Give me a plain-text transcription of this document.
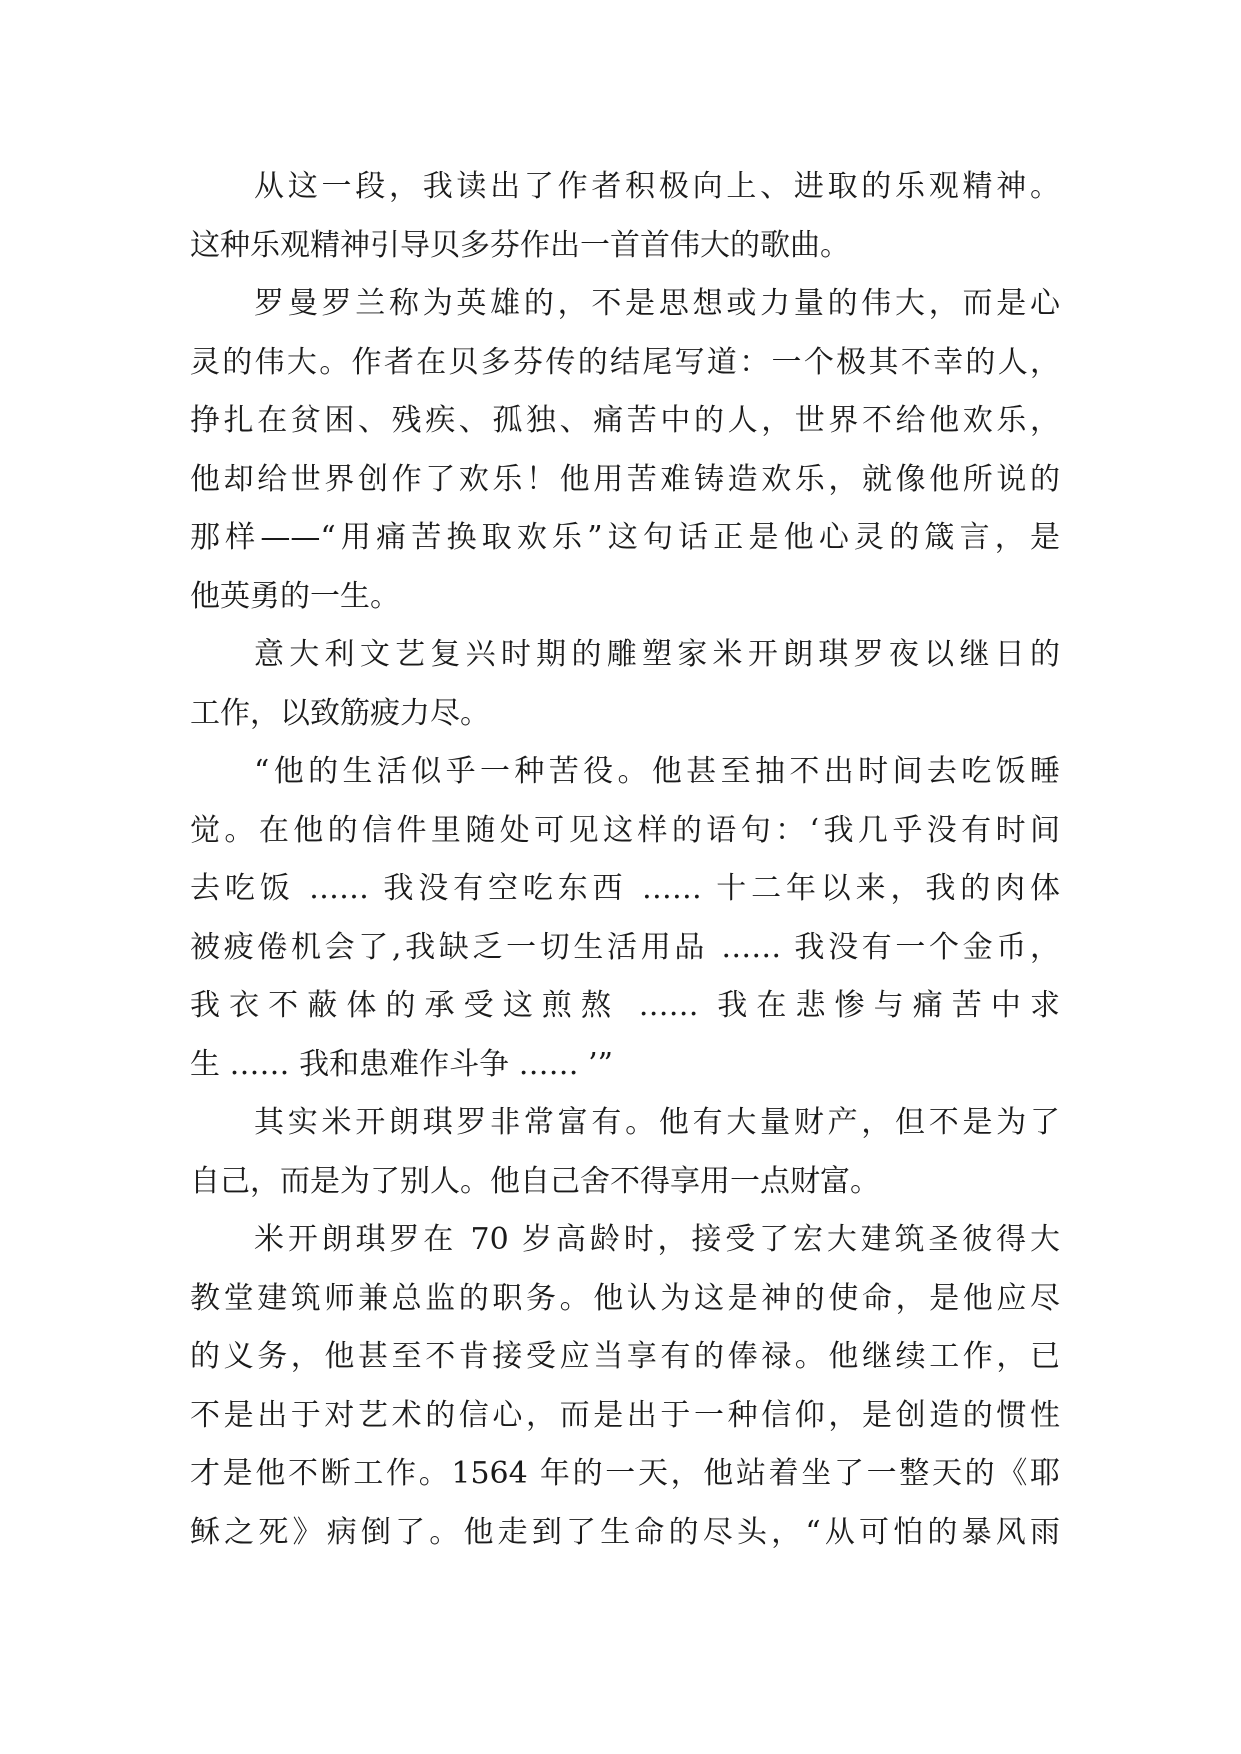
从这一段，我读出了作者积极向上、进取的乐观精神。
这种乐观精神引导贝多芬作出一首首伟大的歌曲。
罗曼罗兰称为英雄的，不是思想或力量的伟大，而是心
灵的伟大。作者在贝多芬传的结尾写道：一个极其不幸的人，
挣扎在贫困、残疾、孤独、痛苦中的人，世界不给他欢乐，
他却给世界创作了欢乐！他用苦难铸造欢乐，就像他所说的
那样——“用痛苦换取欢乐”这句话正是他心灵的箴言，是
他英勇的一生。
意大利文艺复兴时期的雕塑家米开朗琪罗夜以继日的
工作，以致筋疲力尽。
“他的生活似乎一种苦役。他甚至抽不出时间去吃饭睡
觉。在他的信件里随处可见这样的语句：‘我几乎没有时间
去吃饭 …… 我没有空吃东西 …… 十二年以来，我的肉体
被疲倦机会了,我缺乏一切生活用品 …… 我没有一个金币，
我衣不蔽体的承受这煎熬 …… 我在悲惨与痛苦中求
生 …… 我和患难作斗争 …… ’”
其实米开朗琪罗非常富有。他有大量财产，但不是为了
自己，而是为了别人。他自己舍不得享用一点财富。
米开朗琪罗在 70 岁高龄时，接受了宏大建筑圣彼得大
教堂建筑师兼总监的职务。他认为这是神的使命，是他应尽
的义务，他甚至不肯接受应当享有的俸禄。他继续工作，已
不是出于对艺术的信心，而是出于一种信仰，是创造的惯性
才是他不断工作。1564 年的一天，他站着坐了一整天的《耶
稣之死》病倒了。他走到了生命的尽头，“从可怕的暴风雨
